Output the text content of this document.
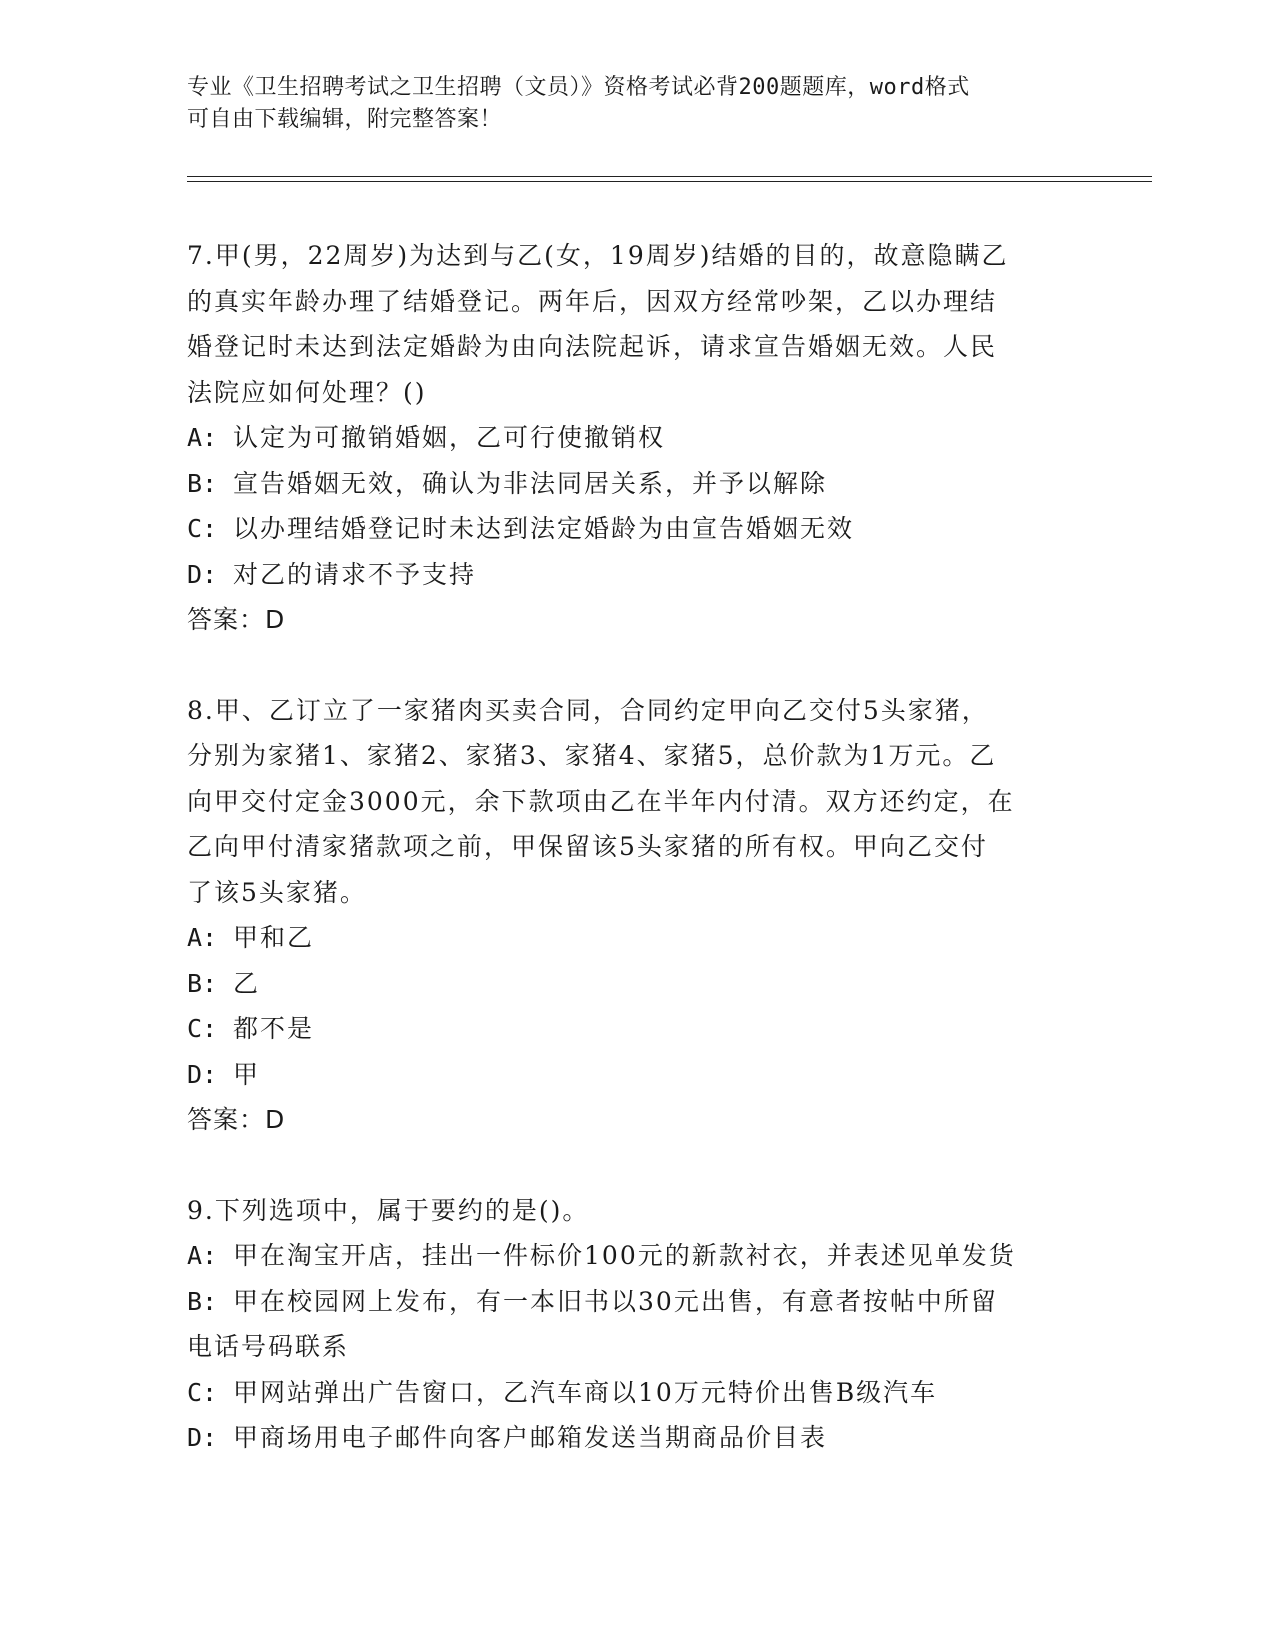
专业《卫生招聘考试之卫生招聘（文员）》资格考试必背200题题库，word格式
可自由下载编辑，附完整答案！

7.甲(男，22周岁)为达到与乙(女，19周岁)结婚的目的，故意隐瞒乙

的真实年龄办理了结婚登记。两年后，因双方经常吵架，乙以办理结

婚登记时未达到法定婚龄为由向法院起诉，请求宣告婚姻无效。人民

法院应如何处理？()

A: 认定为可撤销婚姻，乙可行使撤销权

B: 宣告婚姻无效，确认为非法同居关系，并予以解除

C: 以办理结婚登记时未达到法定婚龄为由宣告婚姻无效

D: 对乙的请求不予支持

答案：D

8.甲、乙订立了一家猪肉买卖合同，合同约定甲向乙交付5头家猪，

分别为家猪1、家猪2、家猪3、家猪4、家猪5，总价款为1万元。乙

向甲交付定金3000元，余下款项由乙在半年内付清。双方还约定，在

乙向甲付清家猪款项之前，甲保留该5头家猪的所有权。甲向乙交付

了该5头家猪。

A: 甲和乙

B: 乙

C: 都不是

D: 甲

答案：D

9.下列选项中，属于要约的是()。

A: 甲在淘宝开店，挂出一件标价100元的新款衬衣，并表述见单发货

B: 甲在校园网上发布，有一本旧书以30元出售，有意者按帖中所留

电话号码联系

C: 甲网站弹出广告窗口，乙汽车商以10万元特价出售B级汽车

D: 甲商场用电子邮件向客户邮箱发送当期商品价目表
